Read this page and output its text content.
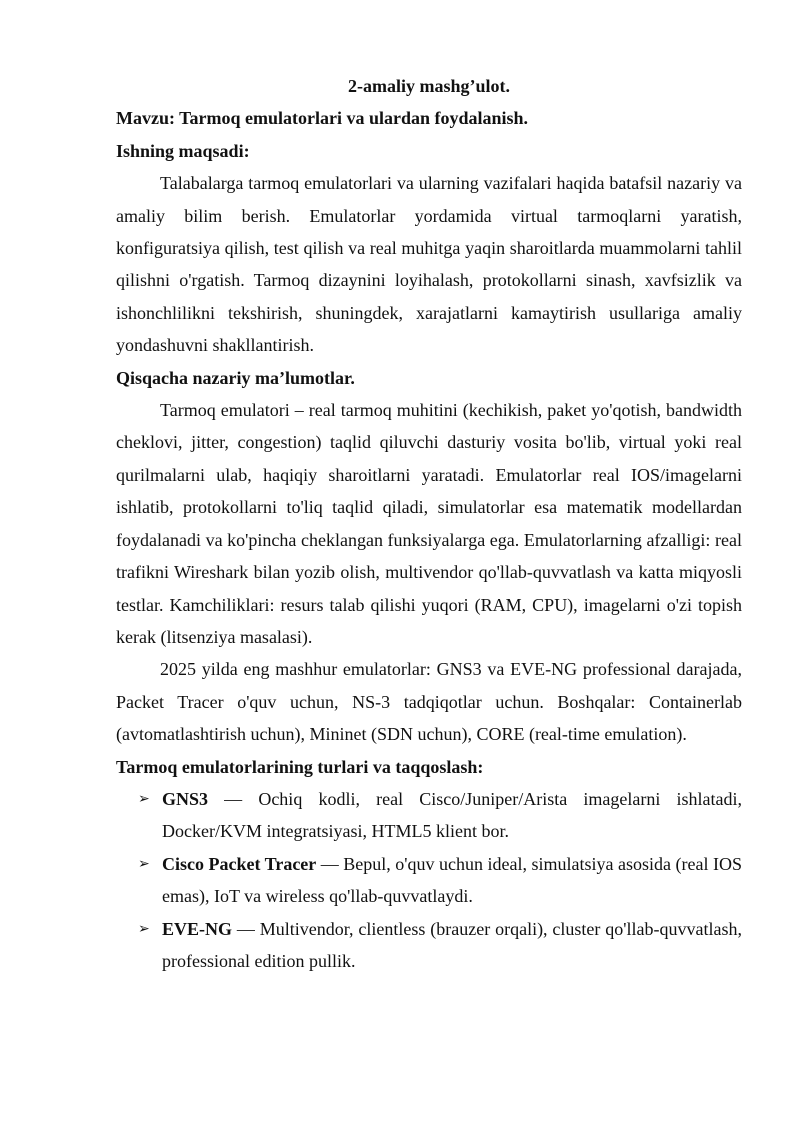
2-amaliy mashg’ulot.
Mavzu: Tarmoq emulatorlari va ulardan foydalanish.
Ishning maqsadi:

Talabalarga tarmoq emulatorlari va ularning vazifalari haqida batafsil nazariy va amaliy bilim berish. Emulatorlar yordamida virtual tarmoqlarni yaratish, konfiguratsiya qilish, test qilish va real muhitga yaqin sharoitlarda muammolarni tahlil qilishni o'rgatish. Tarmoq dizaynini loyihalash, protokollarni sinash, xavfsizlik va ishonchlilikni tekshirish, shuningdek, xarajatlarni kamaytirish usullariga amaliy yondashuvni shakllantirish.

Qisqacha nazariy ma’lumotlar.

Tarmoq emulatori – real tarmoq muhitini (kechikish, paket yo'qotish, bandwidth cheklovi, jitter, congestion) taqlid qiluvchi dasturiy vosita bo'lib, virtual yoki real qurilmalarni ulab, haqiqiy sharoitlarni yaratadi. Emulatorlar real IOS/imagelarni ishlatib, protokollarni to'liq taqlid qiladi, simulatorlar esa matematik modellardan foydalanadi va ko'pincha cheklangan funksiyalarga ega. Emulatorlarning afzalligi: real trafikni Wireshark bilan yozib olish, multivendor qo'llab-quvvatlash va katta miqyosli testlar. Kamchiliklari: resurs talab qilishi yuqori (RAM, CPU), imagelarni o'zi topish kerak (litsenziya masalasi).

2025 yilda eng mashhur emulatorlar: GNS3 va EVE-NG professional darajada, Packet Tracer o'quv uchun, NS-3 tadqiqotlar uchun. Boshqalar: Containerlab (avtomatlashtirish uchun), Mininet (SDN uchun), CORE (real-time emulation).

Tarmoq emulatorlarining turlari va taqqoslash:
➢ GNS3 — Ochiq kodli, real Cisco/Juniper/Arista imagelarni ishlatadi, Docker/KVM integratsiyasi, HTML5 klient bor.
➢ Cisco Packet Tracer — Bepul, o'quv uchun ideal, simulatsiya asosida (real IOS emas), IoT va wireless qo'llab-quvvatlaydi.
➢ EVE-NG — Multivendor, clientless (brauzer orqali), cluster qo'llab-quvvatlash, professional edition pullik.
